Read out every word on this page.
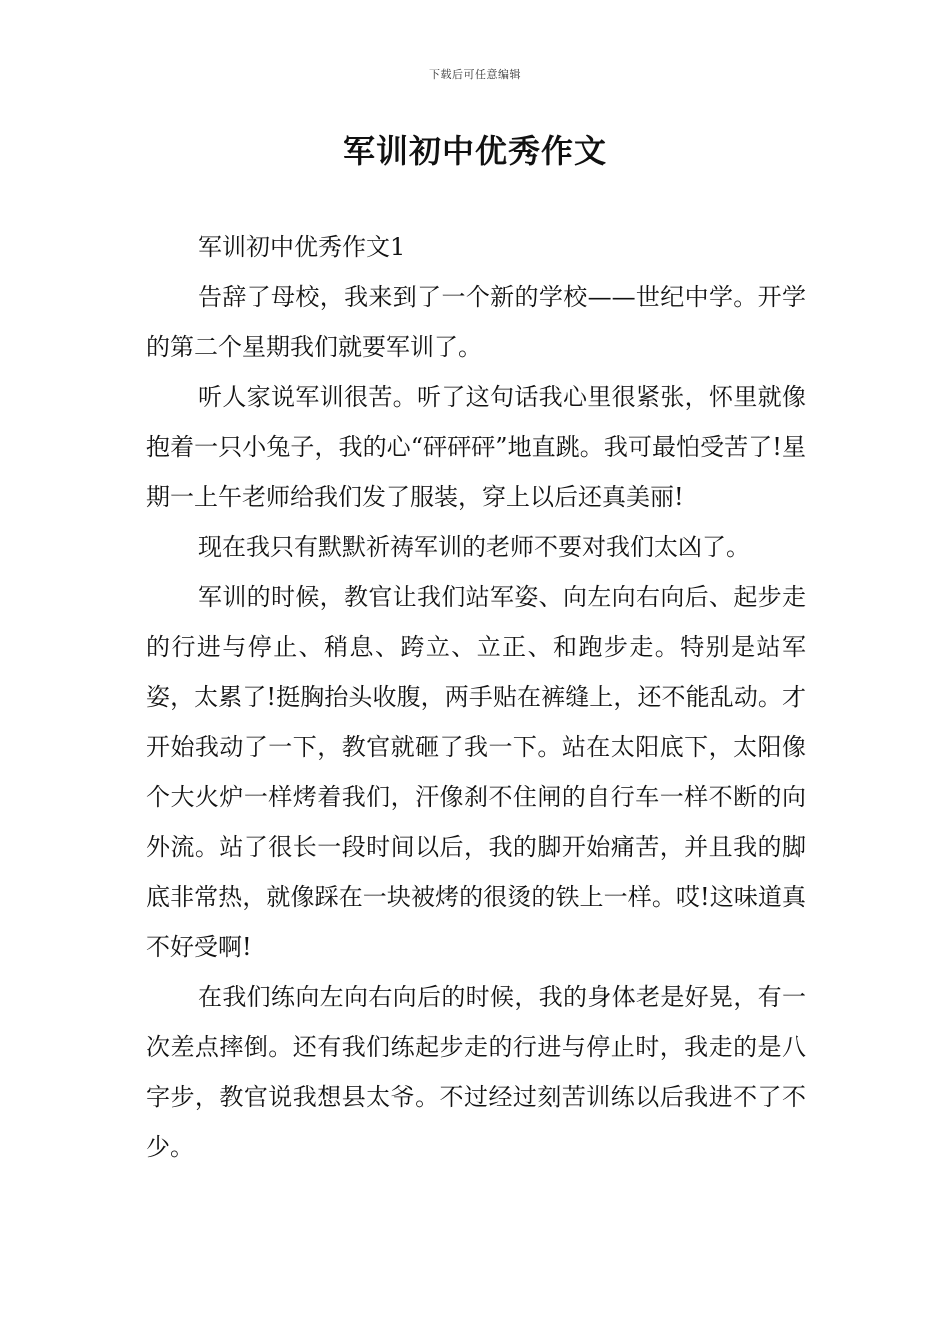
下载后可任意编辑
军训初中优秀作文

军训初中优秀作文1

告辞了母校，我来到了一个新的学校——世纪中学。开学的第二个星期我们就要军训了。

听人家说军训很苦。听了这句话我心里很紧张，怀里就像抱着一只小兔子，我的心“砰砰砰”地直跳。我可最怕受苦了!星期一上午老师给我们发了服装，穿上以后还真美丽!

现在我只有默默祈祷军训的老师不要对我们太凶了。

军训的时候，教官让我们站军姿、向左向右向后、起步走的行进与停止、稍息、跨立、立正、和跑步走。特别是站军姿，太累了!挺胸抬头收腹，两手贴在裤缝上，还不能乱动。才开始我动了一下，教官就砸了我一下。站在太阳底下，太阳像个大火炉一样烤着我们，汗像刹不住闸的自行车一样不断的向外流。站了很长一段时间以后，我的脚开始痛苦，并且我的脚底非常热，就像踩在一块被烤的很烫的铁上一样。哎!这味道真不好受啊!

在我们练向左向右向后的时候，我的身体老是好晃，有一次差点摔倒。还有我们练起步走的行进与停止时，我走的是八字步，教官说我想县太爷。不过经过刻苦训练以后我进不了不少。
